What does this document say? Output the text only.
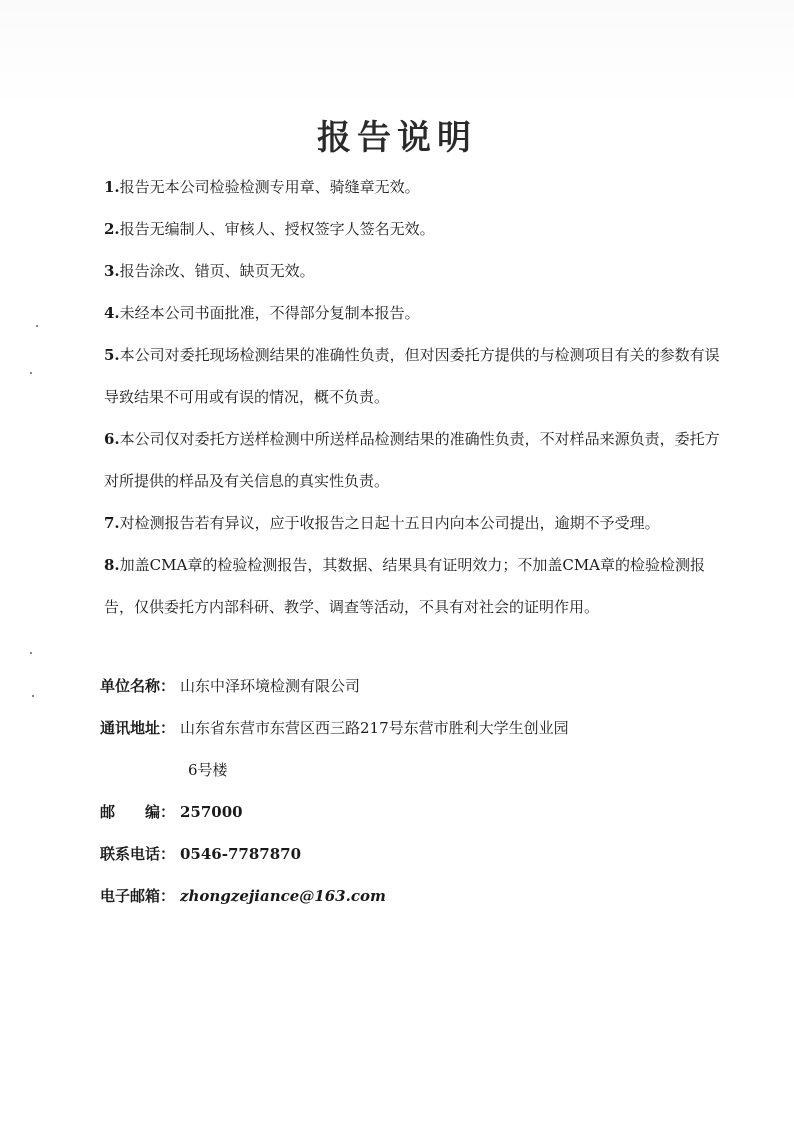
报告说明
1.报告无本公司检验检测专用章、骑缝章无效。
2.报告无编制人、审核人、授权签字人签名无效。
3.报告涂改、错页、缺页无效。
4.未经本公司书面批准，不得部分复制本报告。
5.本公司对委托现场检测结果的准确性负责，但对因委托方提供的与检测项目有关的参数有误导致结果不可用或有误的情况，概不负责。
6.本公司仅对委托方送样检测中所送样品检测结果的准确性负责，不对样品来源负责，委托方对所提供的样品及有关信息的真实性负责。
7.对检测报告若有异议，应于收报告之日起十五日内向本公司提出，逾期不予受理。
8.加盖CMA章的检验检测报告，其数据、结果具有证明效力；不加盖CMA章的检验检测报告，仅供委托方内部科研、教学、调查等活动，不具有对社会的证明作用。
单位名称： 山东中泽环境检测有限公司
通讯地址： 山东省东营市东营区西三路217号东营市胜利大学生创业园
6号楼
邮　　编： 257000
联系电话： 0546-7787870
电子邮箱： zhongzejiance@163.com
